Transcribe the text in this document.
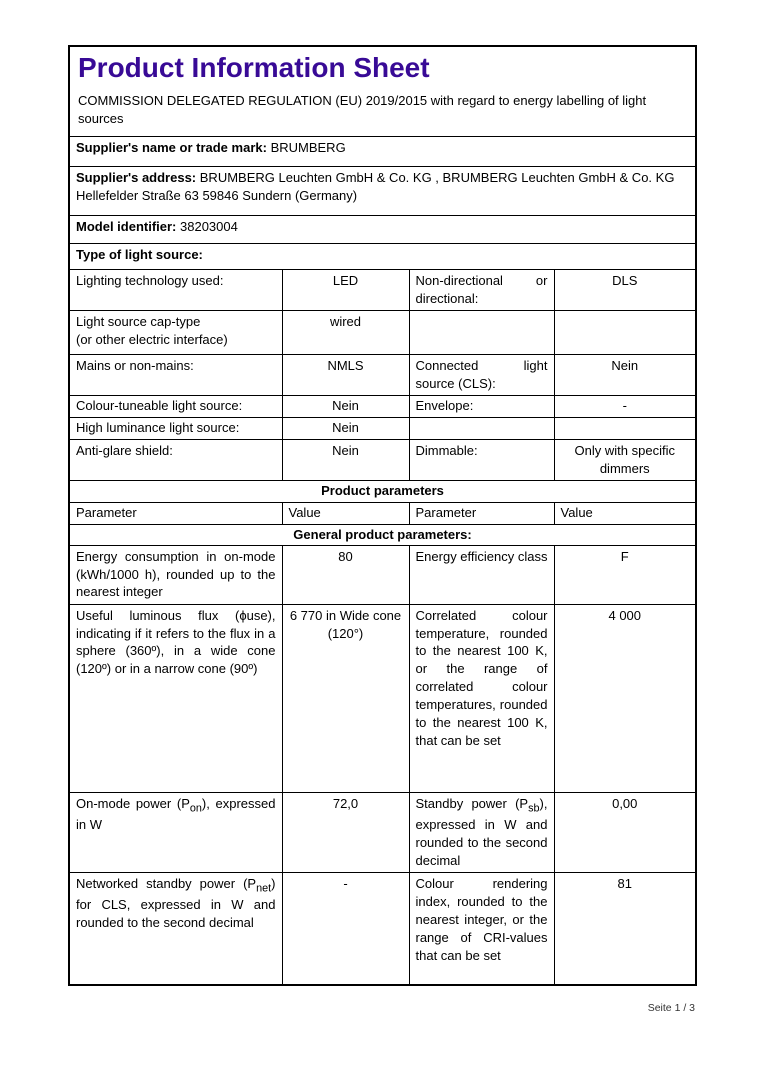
Product Information Sheet

COMMISSION DELEGATED REGULATION (EU) 2019/2015 with regard to energy labelling of light sources

Supplier's name or trade mark: BRUMBERG			
Supplier's address: BRUMBERG Leuchten GmbH & Co. KG , BRUMBERG Leuchten GmbH & Co. KG Hellefelder Straße 63 59846 Sundern (Germany)			
Model identifier: 38203004			
Type of light source:			
Lighting technology used:	LED	Non-directional or directional:	DLS
Light source cap-type
(or other electric interface)	wired		
Mains or non-mains:	NMLS	Connected light source (CLS):	Nein
Colour-tuneable light source:	Nein	Envelope:	-
High luminance light source:	Nein		
Anti-glare shield:	Nein	Dimmable:	Only with specific dimmers
Product parameters			
Parameter	Value	Parameter	Value
General product parameters:			
Energy consumption in on-mode (kWh/1000 h), rounded up to the nearest integer	80	Energy efficiency class	F
Useful luminous flux (ϕuse), indicating if it refers to the flux in a sphere (360º), in a wide cone (120º) or in a narrow cone (90º)	6 770 in Wide cone (120°)	Correlated colour temperature, rounded to the nearest 100 K, or the range of correlated colour temperatures, rounded to the nearest 100 K, that can be set	4 000
On-mode power $(P_{on})$, expressed in W	72,0	Standby power $(P_{sb})$, expressed in W and rounded to the second decimal	0,00
Networked standby power $(P_{net})$ for CLS, expressed in W and rounded to the second decimal	-	Colour rendering index, rounded to the nearest integer, or the range of CRI-values that can be set	81
Seite 1 / 3
